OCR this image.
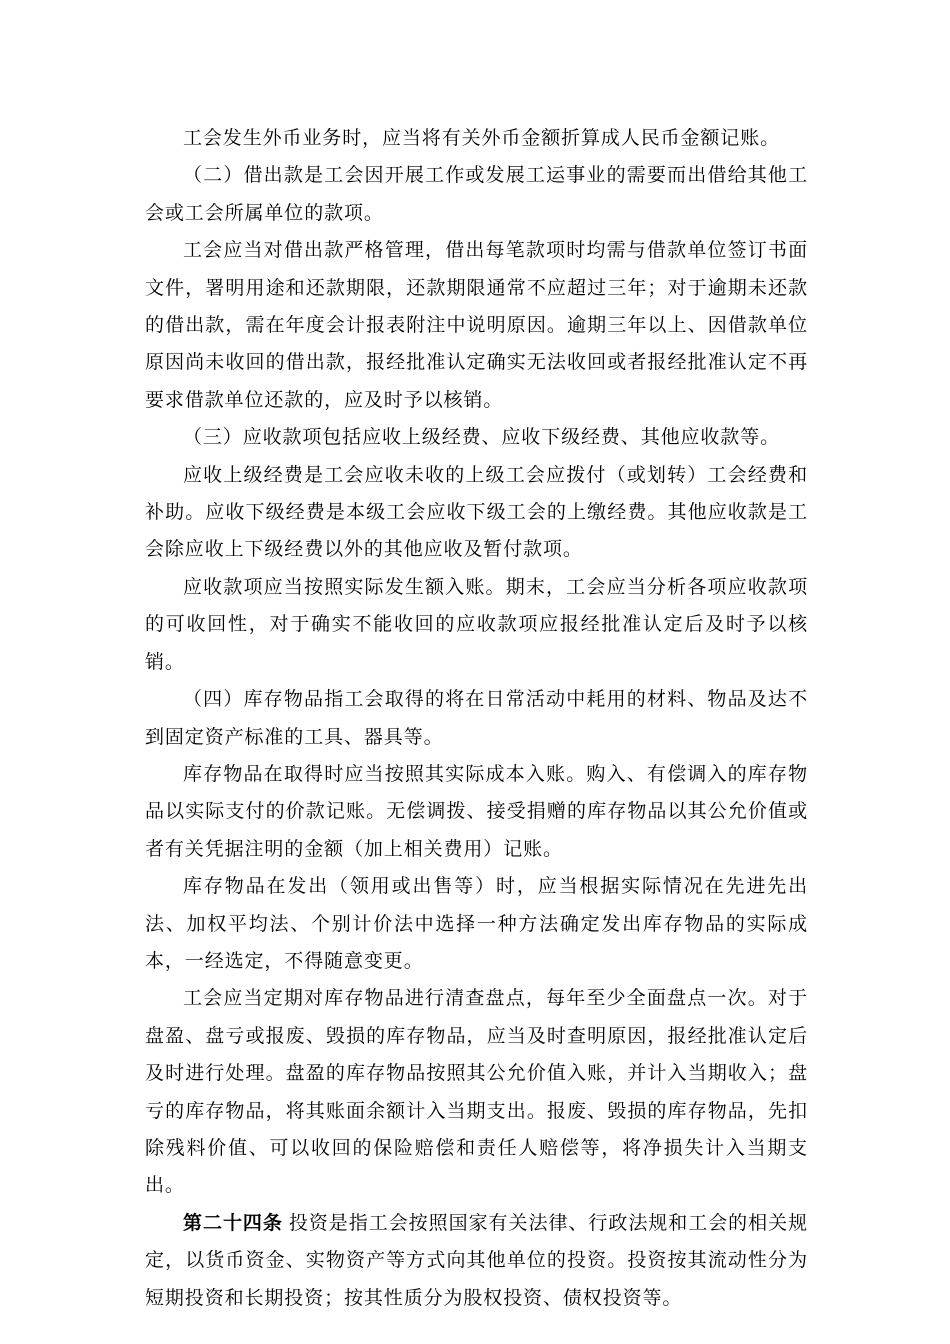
工会发生外币业务时，应当将有关外币金额折算成人民币金额记账。

（二）借出款是工会因开展工作或发展工运事业的需要而出借给其他工会或工会所属单位的款项。

工会应当对借出款严格管理，借出每笔款项时均需与借款单位签订书面文件，署明用途和还款期限，还款期限通常不应超过三年；对于逾期未还款的借出款，需在年度会计报表附注中说明原因。逾期三年以上、因借款单位原因尚未收回的借出款，报经批准认定确实无法收回或者报经批准认定不再要求借款单位还款的，应及时予以核销。

（三）应收款项包括应收上级经费、应收下级经费、其他应收款等。

应收上级经费是工会应收未收的上级工会应拨付（或划转）工会经费和补助。应收下级经费是本级工会应收下级工会的上缴经费。其他应收款是工会除应收上下级经费以外的其他应收及暂付款项。

应收款项应当按照实际发生额入账。期末，工会应当分析各项应收款项的可收回性，对于确实不能收回的应收款项应报经批准认定后及时予以核销。

（四）库存物品指工会取得的将在日常活动中耗用的材料、物品及达不到固定资产标准的工具、器具等。

库存物品在取得时应当按照其实际成本入账。购入、有偿调入的库存物品以实际支付的价款记账。无偿调拨、接受捐赠的库存物品以其公允价值或者有关凭据注明的金额（加上相关费用）记账。

库存物品在发出（领用或出售等）时，应当根据实际情况在先进先出法、加权平均法、个别计价法中选择一种方法确定发出库存物品的实际成本，一经选定，不得随意变更。

工会应当定期对库存物品进行清查盘点，每年至少全面盘点一次。对于盘盈、盘亏或报废、毁损的库存物品，应当及时查明原因，报经批准认定后及时进行处理。盘盈的库存物品按照其公允价值入账，并计入当期收入；盘亏的库存物品，将其账面余额计入当期支出。报废、毁损的库存物品，先扣除残料价值、可以收回的保险赔偿和责任人赔偿等，将净损失计入当期支出。

第二十四条 投资是指工会按照国家有关法律、行政法规和工会的相关规定，以货币资金、实物资产等方式向其他单位的投资。投资按其流动性分为短期投资和长期投资；按其性质分为股权投资、债权投资等。
